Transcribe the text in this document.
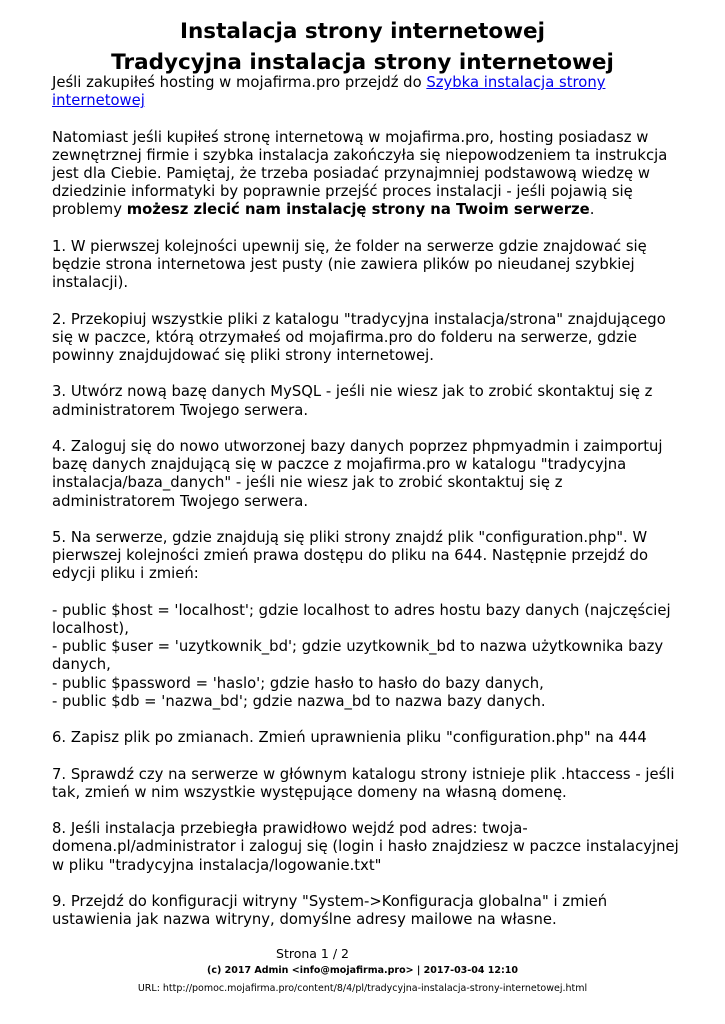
Instalacja strony internetowej
Tradycyjna instalacja strony internetowej

Jeśli zakupiłeś hosting w mojafirma.pro przejdź do Szybka instalacja strony internetowej

Natomiast jeśli kupiłeś stronę internetową w mojafirma.pro, hosting posiadasz w zewnętrznej firmie i szybka instalacja zakończyła się niepowodzeniem ta instrukcja jest dla Ciebie. Pamiętaj, że trzeba posiadać przynajmniej podstawową wiedzę w dziedzinie informatyki by poprawnie przejść proces instalacji - jeśli pojawią się problemy możesz zlecić nam instalację strony na Twoim serwerze.

1. W pierwszej kolejności upewnij się, że folder na serwerze gdzie znajdować się będzie strona internetowa jest pusty (nie zawiera plików po nieudanej szybkiej instalacji).

2. Przekopiuj wszystkie pliki z katalogu "tradycyjna instalacja/strona" znajdującego się w paczce, którą otrzymałeś od mojafirma.pro do folderu na serwerze, gdzie powinny znajdujdować się pliki strony internetowej.

3. Utwórz nową bazę danych MySQL - jeśli nie wiesz jak to zrobić skontaktuj się z administratorem Twojego serwera.

4. Zaloguj się do nowo utworzonej bazy danych poprzez phpmyadmin i zaimportuj bazę danych znajdującą się w paczce z mojafirma.pro w katalogu "tradycyjna instalacja/baza_danych" - jeśli nie wiesz jak to zrobić skontaktuj się z administratorem Twojego serwera.

5. Na serwerze, gdzie znajdują się pliki strony znajdź plik "configuration.php". W pierwszej kolejności zmień prawa dostępu do pliku na 644. Następnie przejdź do edycji pliku i zmień:

- public $host = 'localhost'; gdzie localhost to adres hostu bazy danych (najczęściej localhost),

- public $user = 'uzytkownik_bd'; gdzie uzytkownik_bd to nazwa użytkownika bazy danych,

- public $password = 'haslo'; gdzie hasło to hasło do bazy danych,

- public $db = 'nazwa_bd'; gdzie nazwa_bd to nazwa bazy danych.

6. Zapisz plik po zmianach. Zmień uprawnienia pliku "configuration.php" na 444

7. Sprawdź czy na serwerze w głównym katalogu strony istnieje plik .htaccess - jeśli tak, zmień w nim wszystkie występujące domeny na własną domenę.

8. Jeśli instalacja przebiegła prawidłowo wejdź pod adres: twoja-domena.pl/administrator i zaloguj się (login i hasło znajdziesz w paczce instalacyjnej w pliku "tradycyjna instalacja/logowanie.txt"

9. Przejdź do konfiguracji witryny "System->Konfiguracja globalna" i zmień ustawienia jak nazwa witryny, domyślne adresy mailowe na własne.

Strona 1 / 2
(c) 2017 Admin <info@mojafirma.pro> | 2017-03-04 12:10
URL: http://pomoc.mojafirma.pro/content/8/4/pl/tradycyjna-instalacja-strony-internetowej.html
